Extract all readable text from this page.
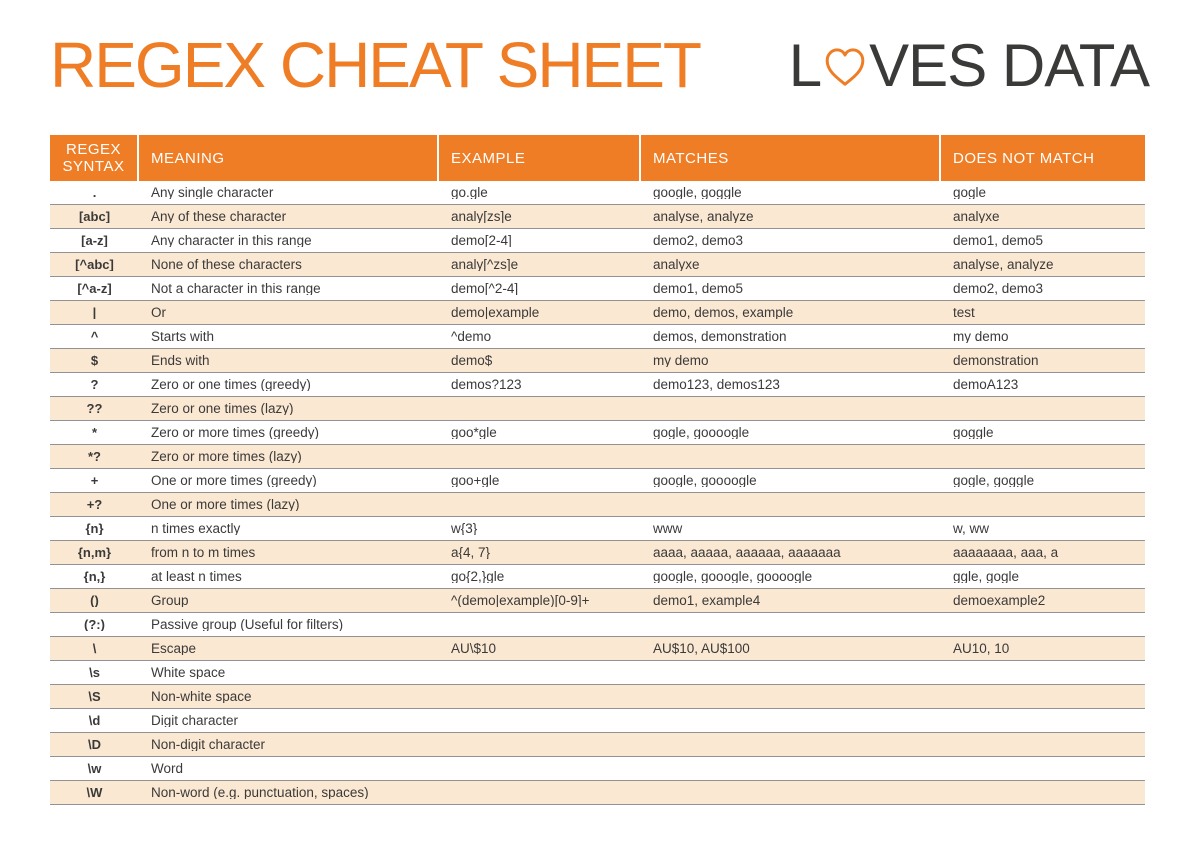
REGEX CHEAT SHEET L VES DATA
REGEX SYNTAX	MEANING	EXAMPLE	MATCHES	DOES NOT MATCH
.	Any single character	go.gle	google, goggle	gogle
[abc]	Any of these character	analy[zs]e	analyse, analyze	analyxe
[a-z]	Any character in this range	demo[2-4]	demo2, demo3	demo1, demo5
[^abc]	None of these characters	analy[^zs]e	analyxe	analyse, analyze
[^a-z]	Not a character in this range	demo[^2-4]	demo1, demo5	demo2, demo3
|	Or	demo|example	demo, demos, example	test
^	Starts with	^demo	demos, demonstration	my demo
$	Ends with	demo$	my demo	demonstration
?	Zero or one times (greedy)	demos?123	demo123, demos123	demoA123
??	Zero or one times (lazy)
*	Zero or more times (greedy)	goo*gle	gogle, goooogle	goggle
*?	Zero or more times (lazy)
+	One or more times (greedy)	goo+gle	google, goooogle	gogle, goggle
+?	One or more times (lazy)
{n}	n times exactly	w{3}	www	w, ww
{n,m}	from n to m times	a{4, 7}	aaaa, aaaaa, aaaaaa, aaaaaaa	aaaaaaaa, aaa, a
{n,}	at least n times	go{2,}gle	google, gooogle, goooogle	ggle, gogle
()	Group	^(demo|example)[0-9]+	demo1, example4	demoexample2
(?:)	Passive group (Useful for filters)
\	Escape	AU\$10	AU$10, AU$100	AU10, 10
\s	White space
\S	Non-white space
\d	Digit character
\D	Non-digit character
\w	Word
\W	Non-word (e.g. punctuation, spaces)
